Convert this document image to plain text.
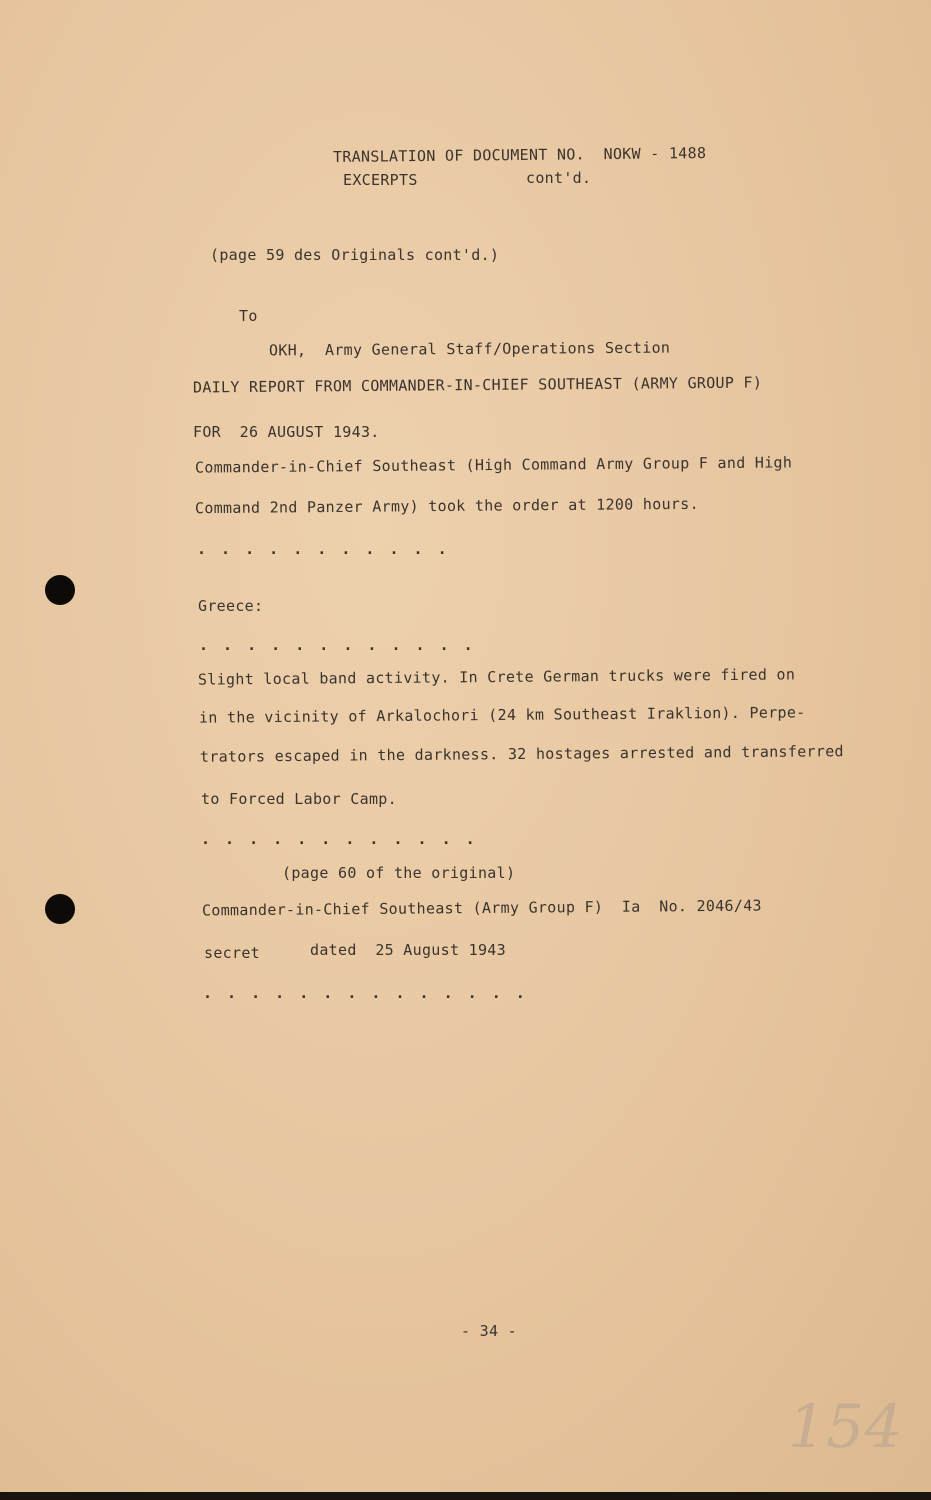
TRANSLATION OF DOCUMENT NO.  NOKW - 1488
EXCERPTS	cont'd.
(page 59 des Originals cont'd.)
To
OKH,  Army General Staff/Operations Section
DAILY REPORT FROM COMMANDER-IN-CHIEF SOUTHEAST (ARMY GROUP F)
FOR  26 AUGUST 1943.
Commander-in-Chief Southeast (High Command Army Group F and High
Command 2nd Panzer Army) took the order at 1200 hours.
. . . . . . . . . . .
Greece:
. . . . . . . . . . . .
Slight local band activity. In Crete German trucks were fired on
in the vicinity of Arkalochori (24 km Southeast Iraklion). Perpe-
trators escaped in the darkness. 32 hostages arrested and transferred
to Forced Labor Camp.
. . . . . . . . . . . .
(page 60 of the original)
Commander-in-Chief Southeast (Army Group F)  Ia  No. 2046/43
secret	dated  25 August 1943
. . . . . . . . . . . . . .
- 34 -
154
